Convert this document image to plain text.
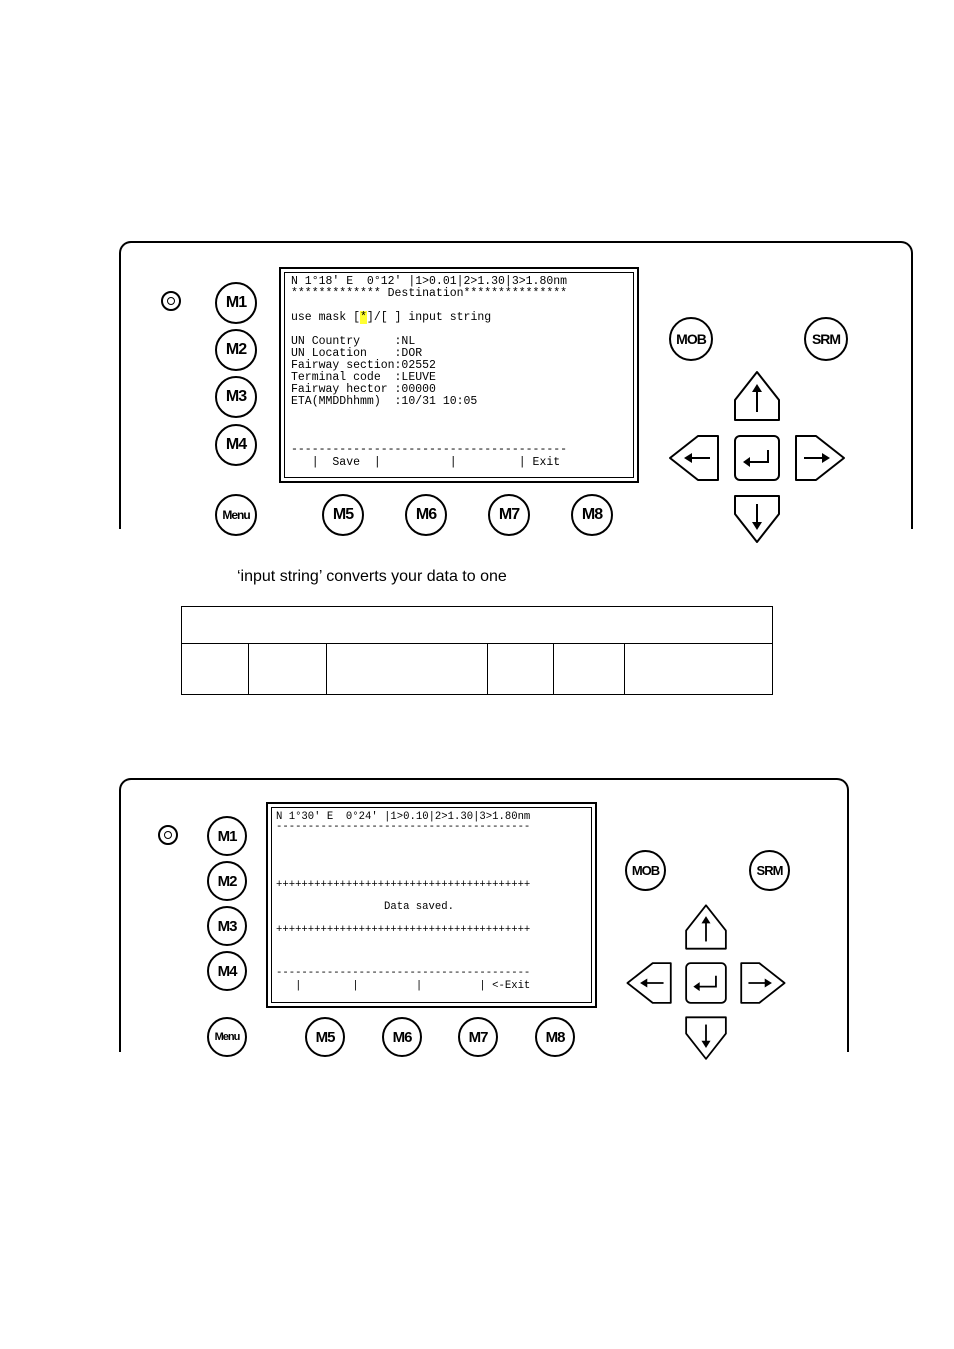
M1
M2
M3
M4
N 1°18' E  0°12' |1>0.01|2>1.30|3>1.80nm
************* Destination***************
use mask [*]/[ ] input string
UN Country     :NL
UN Location    :DOR
Fairway section:02552
Terminal code  :LEUVE
Fairway hector :00000
ETA(MMDDhhmm)  :10/31 10:05
----------------------------------------
|  Save  |          |         | Exit
Menu	M5	M6	M7	M8
MOB	SRM
‘input string’ converts your data to one

M1
M2
M3
M4
N 1°30' E  0°24' |1>0.10|2>1.30|3>1.80nm
----------------------------------------
++++++++++++++++++++++++++++++++++++++++
Data saved.
++++++++++++++++++++++++++++++++++++++++
----------------------------------------
|        |         |         | <-Exit
Menu	M5	M6	M7	M8
MOB	SRM
